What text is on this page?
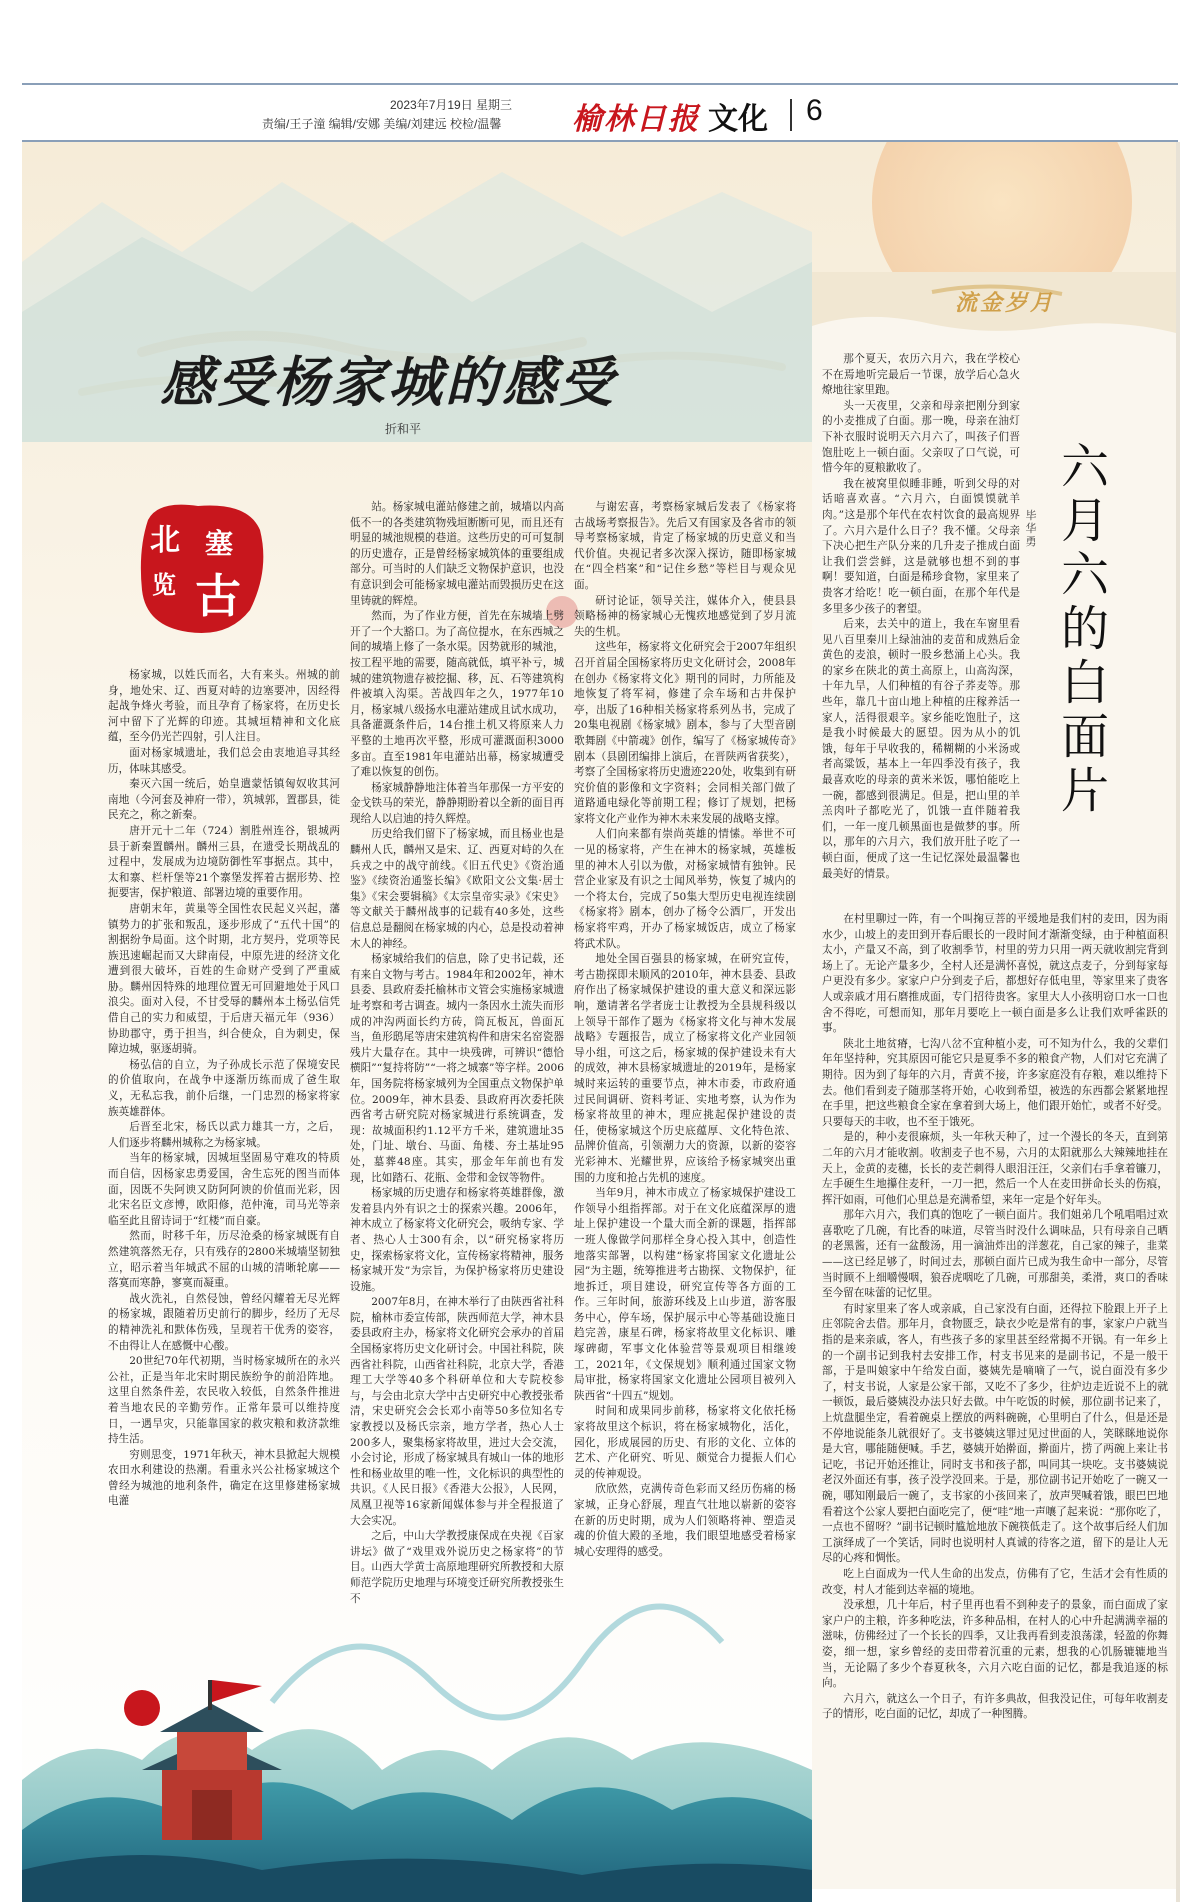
2023年7月19日 星期三
责编/王子潼 编辑/安娜 美编/刘建远 校检/温馨 榆林日报 文化 6
感受杨家城的感受
折和平
北 塞
览 古

杨家城，以姓氏而名，大有来头。州城的前身，地处宋、辽、西夏对峙的边塞要冲，因经得起战争烽火考验，而且孕育了杨家将，在历史长河中留下了光辉的印迹。其城垣精神和文化底蕴，至今仍光芒四射，引人注目。

面对杨家城遗址，我们总会由衷地追寻其经历，体味其感受。

秦灭六国一统后，始皇遣蒙恬镇匈奴收其河南地（今河套及神府一带），筑城郭，置郡县，徙民充之，称之新秦。

唐开元十二年（724）割胜州连谷，银城两县于新秦置麟州。麟州三县，在遗受长期战乱的过程中，发展成为边境防御性军事据点。其中，太和寨、栏杆堡等21个寨堡发挥着古据形势、控扼要害，保护粮道、部署边境的重要作用。

唐朝末年，黄巢等全国性农民起义兴起，藩镇势力的扩张和叛乱，逐步形成了“五代十国”的割据纷争局面。这个时期，北方契丹，党项等民族迅速崛起而又大肆南侵，中原先进的经济文化遭到很大破坏，百姓的生命财产受到了严重威胁。麟州因特殊的地理位置无可回避地处于风口浪尖。面对入侵，不甘受辱的麟州本土杨弘信凭借自己的实力和威望，于后唐天福元年（936）协助郡守，勇于担当，纠合使众，自为刺史，保障边城，驱逐胡骑。

杨弘信的自立，为子孙成长示范了保境安民的价值取向，在战争中逐渐历练而成了爸生取义，无私忘我，前仆后继，一门忠烈的杨家将家族英雄群体。

后晋至北宋，杨氏以武力雄其一方，之后，人们逐步将麟州城称之为杨家城。

当年的杨家城，因城垣坚固易守难攻的特质而自信，因杨家忠勇爱国，舍生忘死的图当而体面，因既不失阿谀又防阿阿谀的价值而光彩，因北宋名臣文彦博，欧阳修，范仲淹，司马光等亲临至此且留诗词于“红楼”而自豪。

然而，时移千年，历尽沧桑的杨家城既有自然建筑落然无存，只有残存的2800米城墙坚韧独立，昭示着当年城武不屈的山城的清晰轮廓——落寞而寒静，寥寞而凝重。

战火洗礼，自然侵蚀，曾经闪耀着无尽光辉的杨家城，跟随着历史前行的脚步，经历了无尽的精神洗礼和默体伤残，呈现若干优秀的姿容，不由得让人在感慨中心酸。

20世纪70年代初期，当时杨家城所在的永兴公社，正是当年北宋时期民族纷争的前沿阵地。这里自然条件差，农民收入较低，自然条件推进着当地农民的辛勤劳作。正常年景可以维持度日，一遇旱灾，只能靠国家的救灾粮和救济款维持生活。

穷则思变，1971年秋天，神木县掀起大规模农田水利建设的热潮。看重永兴公社杨家城这个曾经为城池的地利条件，确定在这里修建杨家城电灌

站。杨家城电灌站修建之前，城墙以内高低不一的各类建筑物残垣断断可见，而且还有明显的城池规模的巷道。这些历史的可可复制的历史遗存，正是曾经杨家城筑体的重要组成部分。可当时的人们缺乏文物保护意识，也没有意识到会可能杨家城电灌站而毁损历史在这里铸就的辉煌。

然而，为了作业方便，首先在东城墙上劈开了一个大豁口。为了高位提水，在东西城之间的城墙上修了一条水渠。因势就形的城池，按工程平地的需要，随高就低，填平补亏，城城的建筑物遗存被挖掘、移，瓦、石等建筑构件被填入沟渠。苦战四年之久，1977年10月，杨家城八级扬水电灌站建成且试水成功，具备灌溉条件后，14台推土机又将原来人力平整的土地再次平整，形成可灌溉面积3000多亩。直至1981年电灌站出幕，杨家城遭受了难以恢复的创伤。

杨家城静静地注体着当年那保一方平安的金戈铁马的荣光，静静期盼着以全新的面目再现给人以启迪的持久辉煌。

历史给我们留下了杨家城，而且杨业也是麟州人氏，麟州又是宋、辽、西夏对峙的久在兵戎之中的战守前线。《旧五代史》《资治通鉴》《续资治通鉴长编》《欧阳文公文集·居士集》《宋会要辑稿》《太宗皇帝实录》《宋史》等文献关于麟州战事的记载有40多处，这些信息总是翻阅在杨家城的内心，总是投动着神木人的神经。

杨家城给我们的信息，除了史书记载，还有来自文物与考古。1984年和2002年，神木县委、县政府委托榆林市文管会实施杨家城遗址考察和考古调查。城内一条因水土流失而形成的冲沟两面长约方砖，筒瓦板瓦，兽面瓦当，鱼形鸱尾等唐宋建筑构件和唐宋名窑瓷器残片大量存在。其中一块残碑，可辨识“德恰横阳”“复持将防”“一将之城寨”等字样。2006年，国务院将杨家城列为全国重点文物保护单位。2009年，神木县委、县政府再次委托陕西省考古研究院对杨家城进行系统调查，发现：故城面积约1.12平方千米，建筑遗址35处，门址、墩台、马面、角楼、夯土基址95处，墓葬48座。其实，那金年年前也有发现，比如踏石、花瓶、金带和金钗等物件。

杨家城的历史遗存和杨家将英雄群像，激发着县内外有识之士的探索兴趣。2006年，神木成立了杨家将文化研究会，吸纳专家、学者、热心人士300有余，以“研究杨家将历史，探索杨家将文化，宣传杨家将精神，服务杨家城开发”为宗旨，为保护杨家将历史建设设施。

2007年8月，在神木举行了由陕西省社科院，榆林市委宣传部，陕西师范大学，神木县委县政府主办，杨家将文化研究会承办的首届全国杨家将历史文化研讨会。中国社科院，陕西省社科院，山西省社科院，北京大学，香港理工大学等40多个科研单位和大专院校参与，与会由北京大学中古史研究中心教授张希清，宋史研究会会长邓小南等50多位知名专家教授以及杨氏宗亲，地方学者，热心人士200多人，聚集杨家将故里，进过大会交流，小会讨论，形成了杨家城具有城山一体的地形性和杨业故里的唯一性，文化标识的典型性的共识。《人民日报》《香港大公报》，人民网，凤凰卫视等16家新闻媒体参与并全程报道了大会实况。

之后，中山大学教授康保成在央视《百家讲坛》做了“戏里戏外说历史之杨家将”的节目。山西大学黄士高原地理研究所教授和大原师范学院历史地理与环境变迁研究所教授张生不

与谢宏喜，考察杨家城后发表了《杨家将古战场考察报告》。先后又有国家及各省市的领导考察杨家城，肯定了杨家城的历史意义和当代价值。央视记者多次深入探访，随即杨家城在“四全档案”和“记住乡愁”等栏目与观众见面。

研讨论证，领导关注，媒体介入，使县县领略杨神的杨家城心无愧疚地感觉到了岁月流失的生机。

这些年，杨家将文化研究会于2007年组织召开首届全国杨家将历史文化研讨会，2008年在创办《杨家将文化》期刊的同时，力所能及地恢复了将军祠，修建了佘车场和古井保护亭，出版了16种相关杨家将系列丛书，完成了20集电视剧《杨家城》剧本，参与了大型音剧歌舞剧《中箭魂》创作，编写了《杨家城传奇》剧本（县剧团编排上演后，在晋陕两省获奖），考察了全国杨家将历史遗迹220处，收集到有研究价值的影像和文字资料；会同相关部门做了道路通电绿化等前期工程；修订了规划，把杨家将文化产业作为神木未来发展的战略支撑。

人们向来都有崇尚英雄的情愫。举世不可一见的杨家将，产生在神木的杨家城，英雄板里的神木人引以为傲，对杨家城情有独钟。民营企业家及有识之士闻风举势，恢复了城内的一个将太台，完成了50集大型历史电视连续剧《杨家将》剧本，创办了杨令公酒厂，开发出杨家将牢鸡，开办了杨家城饭店，成立了杨家将武术队。

地处全国百强县的杨家城，在研究宣传，考古勘探即未顺风的2010年，神木县委、县政府作出了杨家城保护建设的重大意义和深远影响，邀请著名学者庞士让教授为全县规科级以上领导干部作了题为《杨家将文化与神木发展战略》专题报告，成立了杨家将文化产业园领导小组，可这之后，杨家城的保护建设未有大的成效，神木县杨家城遗址的2019年，是杨家城时来运转的重要节点，神木市委，市政府通过民间调研、资料考证、实地考察，认为作为杨家将故里的神木，理应挑起保护建设的责任，使杨家城这个历史底蕴厚、文化特色浓、品牌价值高，引领潮力大的资源，以新的姿容光彩神木、光耀世界，应该给予杨家城突出重围的力度和抢占先机的速度。

当年9月，神木市成立了杨家城保护建设工作领导小组指挥部。对于在文化底蕴深厚的遗址上保护建设一个量大而全新的课题，指挥部一班人像做学问那样全身心投入其中，创造性地落实部署，以构建“杨家将国家文化遗址公园”为主题，统筹推进考古勘探、文物保护，征地拆迁，项目建设，研究宣传等各方面的工作。三年时间，旅游环线及上山步道，游客服务中心，停车场，保护展示中心等基础设施日趋完善，康星石碑，杨家将故里文化标识、雕塚碑砌，军事文化体验营等景观项目相继竣工，2021年，《文保规划》顺利通过国家文物局审批，杨家将国家文化遗址公园项目被列入陕西省“十四五”规划。

时间和成果同步前移，杨家将文化依托杨家将故里这个标识，将在杨家城物化，活化，园化，形成展园的历史、有形的文化、立体的艺术、产化研究、听见、颇觉合力提振人们心灵的传神观设。

欣欣然，克满传奇色彩而又经历伤痛的杨家城，正身心舒展，理直气壮地以崭新的姿容在新的历史时期，成为人们领略将神、塑造灵魂的价值大殿的圣地，我们眼望地感受着杨家城心安理得的感受。

流金岁月
六
月
六
的
白
面
片
毕华勇

那个夏天，农历六月六，我在学校心不在焉地听完最后一节课，放学后心急火燎地往家里跑。

头一天夜里，父亲和母亲把刚分到家的小麦推成了白面。那一晚，母亲在油灯下补衣服时说明天六月六了，叫孩子们晋饱肚吃上一顿白面。父亲叹了口气说，可惜今年的夏粮歉收了。

我在被窝里似睡非睡，听到父母的对话暗喜欢喜。“六月六，白面馍馍就羊肉。”这是那个年代在农村饮食的最高规界了。六月六是什么日子？我不懂。父母亲下决心把生产队分来的几升麦子推成白面让我们尝尝鲜，这是就够也想不到的事啊！要知道，白面是稀珍食物，家里来了贵客才给吃！吃一顿白面，在那个年代是多里多少孩子的奢望。

后来，去关中的道上，我在车窗里看见八百里秦川上绿油油的麦苗和成熟后金黄色的麦浪，顿时一股乡愁涌上心头。我的家乡在陕北的黄土高原上，山高沟深，十年九旱，人们种植的有谷子荞麦等。那些年，靠几十亩山地上种植的庄稼养活一家人，活得很艰辛。家乡能吃饱肚子，这是我小时候最大的愿望。因为从小的饥饿，每年于早收我的，稀糊糊的小米汤或者高粱饭，基本上一年四季没有孩子，我最喜欢吃的母亲的黄米米饭，哪怕能吃上一碗，都感到很满足。但是，把山里的羊羔肉叶子都吃光了，饥饿一直伴随着我们，一年一度几顿黑面也是做梦的事。所以，那年的六月六，我们放开肚子吃了一顿白面，便成了这一生记忆深处最温馨也最美好的情景。

在村里聊过一阵，有一个叫掬豆菩的平缓地是我们村的麦田，因为雨水少，山坡上的麦田到开春后眼长的一段时间才渐渐变绿，由于种植面积太小，产量又不高，到了收割季节，村里的劳力只用一两天就收割完背到场上了。无论产量多少，全村人还是满怀喜悦，就这点麦子，分到每家每户更没有多少。家家户户分到麦子后，都想好存低电里，等家里来了贵客人或亲戚才用石磨推成面，专门招待贵客。家里大人小孩明窃口水一口也舍不得吃，可想而知，那年月要吃上一顿白面是多么让我们欢呼雀跃的事。

陕北土地贫瘠，七沟八岔不宜种植小麦，可不知为什么，我的父辈们年年坚持种，究其原因可能它只是夏季不多的粮食产物，人们对它充满了期待。因为到了每年的六月，青黄不接，许多家庭没有存粮，难以维持下去。他们看到麦子随那茎将开始，心收到希望，被选的东西都会紧紧地捏在手里，把这些粮食全家在拿着到大场上，他们跟开始忙，或者不好受。只要每天的丰收，也不至于饿死。

是的，种小麦很麻烦，头一年秋天种了，过一个漫长的冬天，直到第二年的六月才能收割。收割麦子也不易，六月的太阳就那么大辣辣地挂在天上，金黄的麦穗，长长的麦芒刺得人眼泪汪汪，父亲们右手拿着镰刀，左手硬生生地攥住麦秆，一刀一把，然后一个人在麦田拼命长头的伤痕，挥汗如雨，可他们心里总是充满希望，来年一定是个好年头。

那年六月六，我们真的饱吃了一顿白面片。我们姐弟几个吼唱唱过欢喜歌吃了几碗，有比香的味道，尽管当时没什么调味品，只有母亲自己晒的老黑酱，还有一盆酸汤，用一滴油炸出的洋葱花，自己家的辣子，韭菜——这已经足够了，时间过去，那顿白面片已成为我生命中一部分，尽管当时顾不上细嚼慢咽，狼吞虎咽吃了几碗，可那甜美，柔滑，爽口的香味至今留在味蕾的记忆里。

有时家里来了客人或亲戚，自己家没有白面，还得拉下脸跟上开子上庄邻院舍去借。那年月，食物匮乏，缺衣少吃是常有的事，家家户户就当指的是来亲戚，客人，有些孩子多的家里甚至经常揭不开锅。有一年乡上的一个副书记到我村去安排工作，村支书见来的是副书记，不是一般干部，于是叫娘家中午给发白面，婆姨先是嘀嘀了一气，说白面没有多少了，村支书说，人家是公家干部，又吃不了多少，往炉边走近说不上的就一顿饭，最后婆姨没办法只好去做。中午吃饭的时候，那位副书记来了，上炕盘腿坐定，看着碗桌上摆放的两料碗碗，心里明白了什么，但是还是不停地说能条儿就很好了。支书婆姨这罪过见过世面的人，笑眯眯地说你是大官，哪能随便喊。手艺，婆姨开始擀面，擀面片，捞了两碗上来让书记吃，书记开始还推让，同时支书和孩子都，叫同其一块吃。支书婆姨说老汉外面还有事，孩子没学没回来。于是，那位副书记开始吃了一碗又一碗，哪知刚最后一碗了，支书家的小孩回来了，放声哭喊着饿，眼巴巴地看着这个公家人要把白面吃完了，便“哇”地一声嚷了起来说：“那你吃了，一点也不留呀？”副书记顿时尴尬地放下碗筷低走了。这个故事后经人们加工演绎成了一个笑话，同时也说明村人真诚的待客之道，留下的是让人无尽的心疼和惆怅。

吃上白面成为一代人生命的出发点，仿佛有了它，生活才会有性质的改变，村人才能到达幸福的境地。

没承想，几十年后，村子里再也看不到种麦子的景象，而白面成了家家户户的主粮，许多种吃法，许多种品相，在村人的心中升起满满幸福的滋味，仿佛经过了一个长长的四季，又让我再看到麦浪荡漾，轻盈的你舞姿，细一想，家乡曾经的麦田带着沉重的元素，想我的心饥肠辘辘地当当，无论隔了多少个春夏秋冬，六月六吃白面的记忆，都是我追逐的标向。

六月六，就这么一个日子，有许多典故，但我没记住，可每年收割麦子的情形，吃白面的记忆，却成了一种图腾。
